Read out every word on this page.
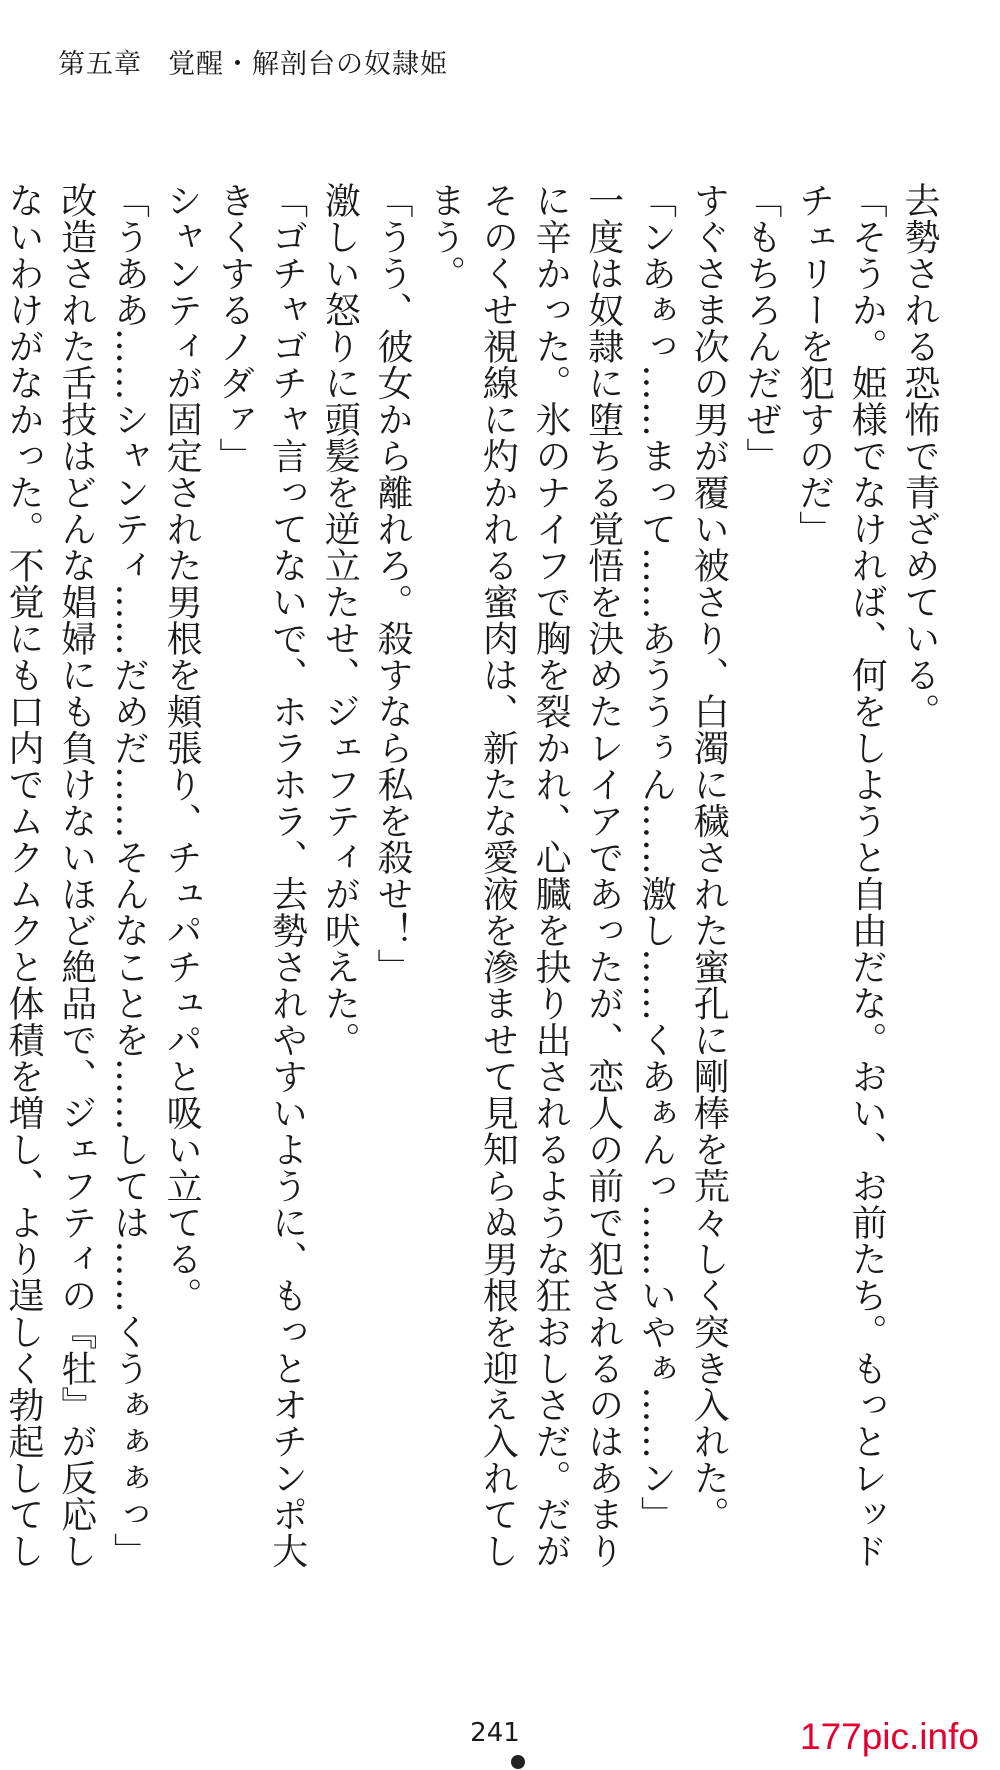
第五章 覚醒・解剖台の奴隷姫

去勢される恐怖で青ざめている。

「そうか。姫様でなければ、何をしようと自由だな。おい、お前たち。もっとレッドチェリーを犯すのだ」

「もちろんだぜ」

すぐさま次の男が覆い被さり、白濁に穢された蜜孔に剛棒を荒々しく突き入れた。

「ンあぁっ……まって……あううぅん……激し……くあぁんっ……いやぁ……ン」

一度は奴隷に堕ちる覚悟を決めたレイアであったが、恋人の前で犯されるのはあまりに辛かった。氷のナイフで胸を裂かれ、心臓を抉り出されるような狂おしさだ。だがそのくせ視線に灼かれる蜜肉は、新たな愛液を滲ませて見知らぬ男根を迎え入れてしまう。

「うう、彼女から離れろ。殺すなら私を殺せ！」

激しい怒りに頭髪を逆立たせ、ジェフティが吠えた。

「ゴチャゴチャ言ってないで、ホラホラ、去勢されやすいように、もっとオチンポ大きくするノダァ」

シャンティが固定された男根を頬張り、チュパチュパと吸い立てる。

「うああ……シャンティ……だめだ……そんなことを……しては……くうぁぁぁっ」

改造された舌技はどんな娼婦にも負けないほど絶品で、ジェフティの『牡』が反応しないわけがなかった。不覚にも口内でムクムクと体積を増し、より逞しく勃起してし

241	177pic.info
